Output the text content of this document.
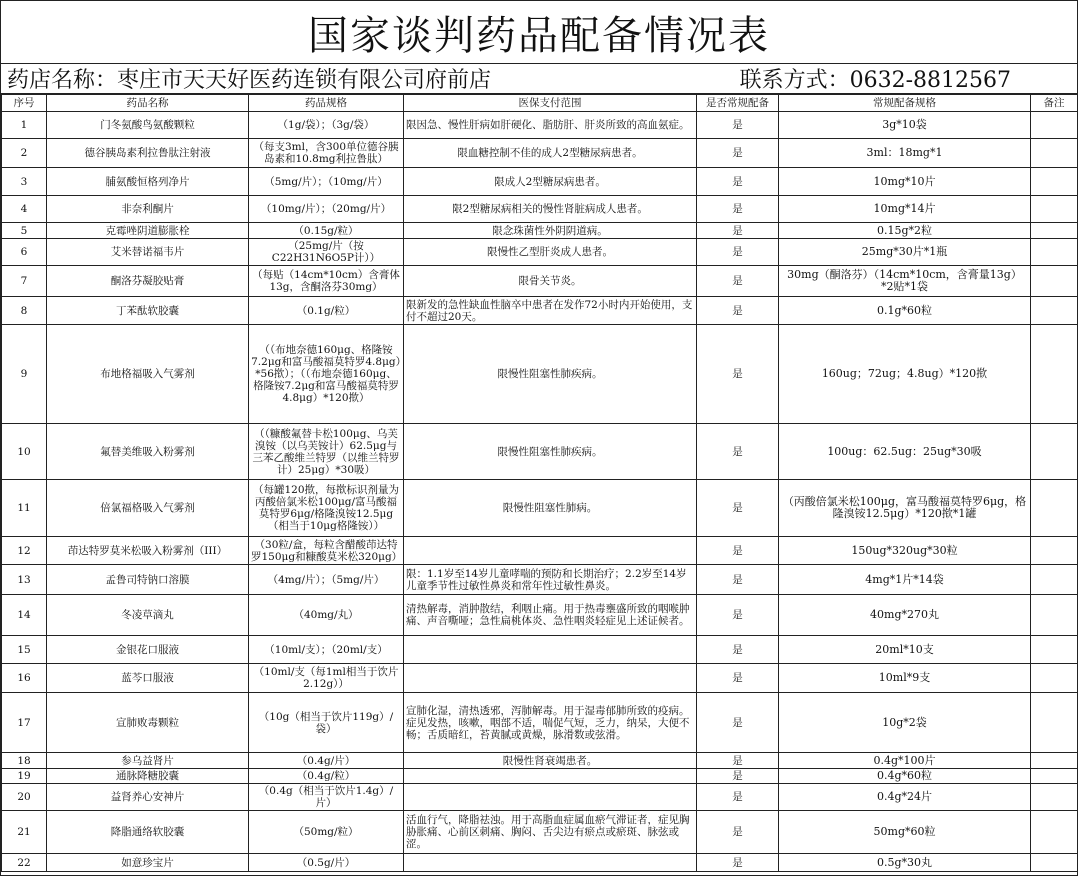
国家谈判药品配备情况表
药店名称：枣庄市天天好医药连锁有限公司府前店	联系方式：0632-8812567
序号	药品名称	药品规格	医保支付范围	是否常规配备	常规配备规格	备注
1	门冬氨酸鸟氨酸颗粒	（1g/袋）；（3g/袋）	限因急、慢性肝病如肝硬化、脂肪肝、肝炎所致的高血氨症。	是	3g*10袋	
2	德谷胰岛素利拉鲁肽注射液	（每支3ml，含300单位德谷胰岛素和10.8mg利拉鲁肽）	限血糖控制不佳的成人2型糖尿病患者。	是	3ml：18mg*1	
3	脯氨酸恒格列净片	（5mg/片）；（10mg/片）	限成人2型糖尿病患者。	是	10mg*10片	
4	非奈利酮片	（10mg/片）；（20mg/片）	限2型糖尿病相关的慢性肾脏病成人患者。	是	10mg*14片	
5	克霉唑阴道膨胀栓	（0.15g/粒）	限念珠菌性外阴阴道病。	是	0.15g*2粒	
6	艾米替诺福韦片	（25mg/片（按C22H31N6O5P计））	限慢性乙型肝炎成人患者。	是	25mg*30片*1瓶	
7	酮洛芬凝胶贴膏	（每贴（14cm*10cm）含膏体13g，含酮洛芬30mg）	限骨关节炎。	是	30mg（酮洛芬）（14cm*10cm，含膏量13g）*2贴*1袋	
8	丁苯酞软胶囊	（0.1g/粒）	限新发的急性缺血性脑卒中患者在发作72小时内开始使用，支付不超过20天。	是	0.1g*60粒	
9	布地格福吸入气雾剂	（（布地奈德160μg、格隆铵7.2μg和富马酸福莫特罗4.8μg）*56揿）；（（布地奈德160μg、格隆铵7.2μg和富马酸福莫特罗4.8μg）*120揿）	限慢性阻塞性肺疾病。	是	160ug；72ug；4.8ug）*120揿	
10	氟替美维吸入粉雾剂	（（糠酸氟替卡松100μg、乌芙溴铵（以乌芙铵计）62.5μg与三苯乙酸维兰特罗（以维兰特罗计）25μg）*30吸）	限慢性阻塞性肺疾病。	是	100ug：62.5ug：25ug*30吸	
11	倍氯福格吸入气雾剂	（每罐120揿，每揿标识剂量为丙酸倍氯米松100μg/富马酸福莫特罗6μg/格隆溴铵12.5μg（相当于10μg格隆铵））	限慢性阻塞性肺病。	是	（丙酸倍氯米松100μg，富马酸福莫特罗6μg，格隆溴铵12.5μg）*120揿*1罐	
12	茚达特罗莫米松吸入粉雾剂（III）	（30粒/盒，每粒含醋酸茚达特罗150μg和糠酸莫米松320μg）		是	150ug*320ug*30粒	
13	孟鲁司特钠口溶膜	（4mg/片）；（5mg/片）	限：1.1岁至14岁儿童哮喘的预防和长期治疗；2.2岁至14岁儿童季节性过敏性鼻炎和常年性过敏性鼻炎。	是	4mg*1片*14袋	
14	冬凌草滴丸	（40mg/丸）	清热解毒，消肿散结，利咽止痛。用于热毒壅盛所致的咽喉肿痛、声音嘶哑；急性扁桃体炎、急性咽炎轻症见上述证候者。	是	40mg*270丸	
15	金银花口服液	（10ml/支）；（20ml/支）		是	20ml*10支	
16	蓝芩口服液	（10ml/支（每1ml相当于饮片2.12g））		是	10ml*9支	
17	宣肺败毒颗粒	（10g（相当于饮片119g）/袋）	宣肺化湿，清热透邪，泻肺解毒。用于湿毒郁肺所致的疫病。症见发热，咳嗽，咽部不适，喘促气短，乏力，纳呆，大便不畅；舌质暗红，苔黄腻或黄燥，脉滑数或弦滑。	是	10g*2袋	
18	参乌益肾片	（0.4g/片）	限慢性肾衰竭患者。	是	0.4g*100片	
19	通脉降糖胶囊	（0.4g/粒）		是	0.4g*60粒	
20	益肾养心安神片	（0.4g（相当于饮片1.4g）/片）		是	0.4g*24片	
21	降脂通络软胶囊	（50mg/粒）	活血行气，降脂祛浊。用于高脂血症属血瘀气滞证者，症见胸胁胀痛、心前区刺痛、胸闷、舌尖边有瘀点或瘀斑、脉弦或涩。	是	50mg*60粒	
22	如意珍宝片	（0.5g/片）		是	0.5g*30丸	
